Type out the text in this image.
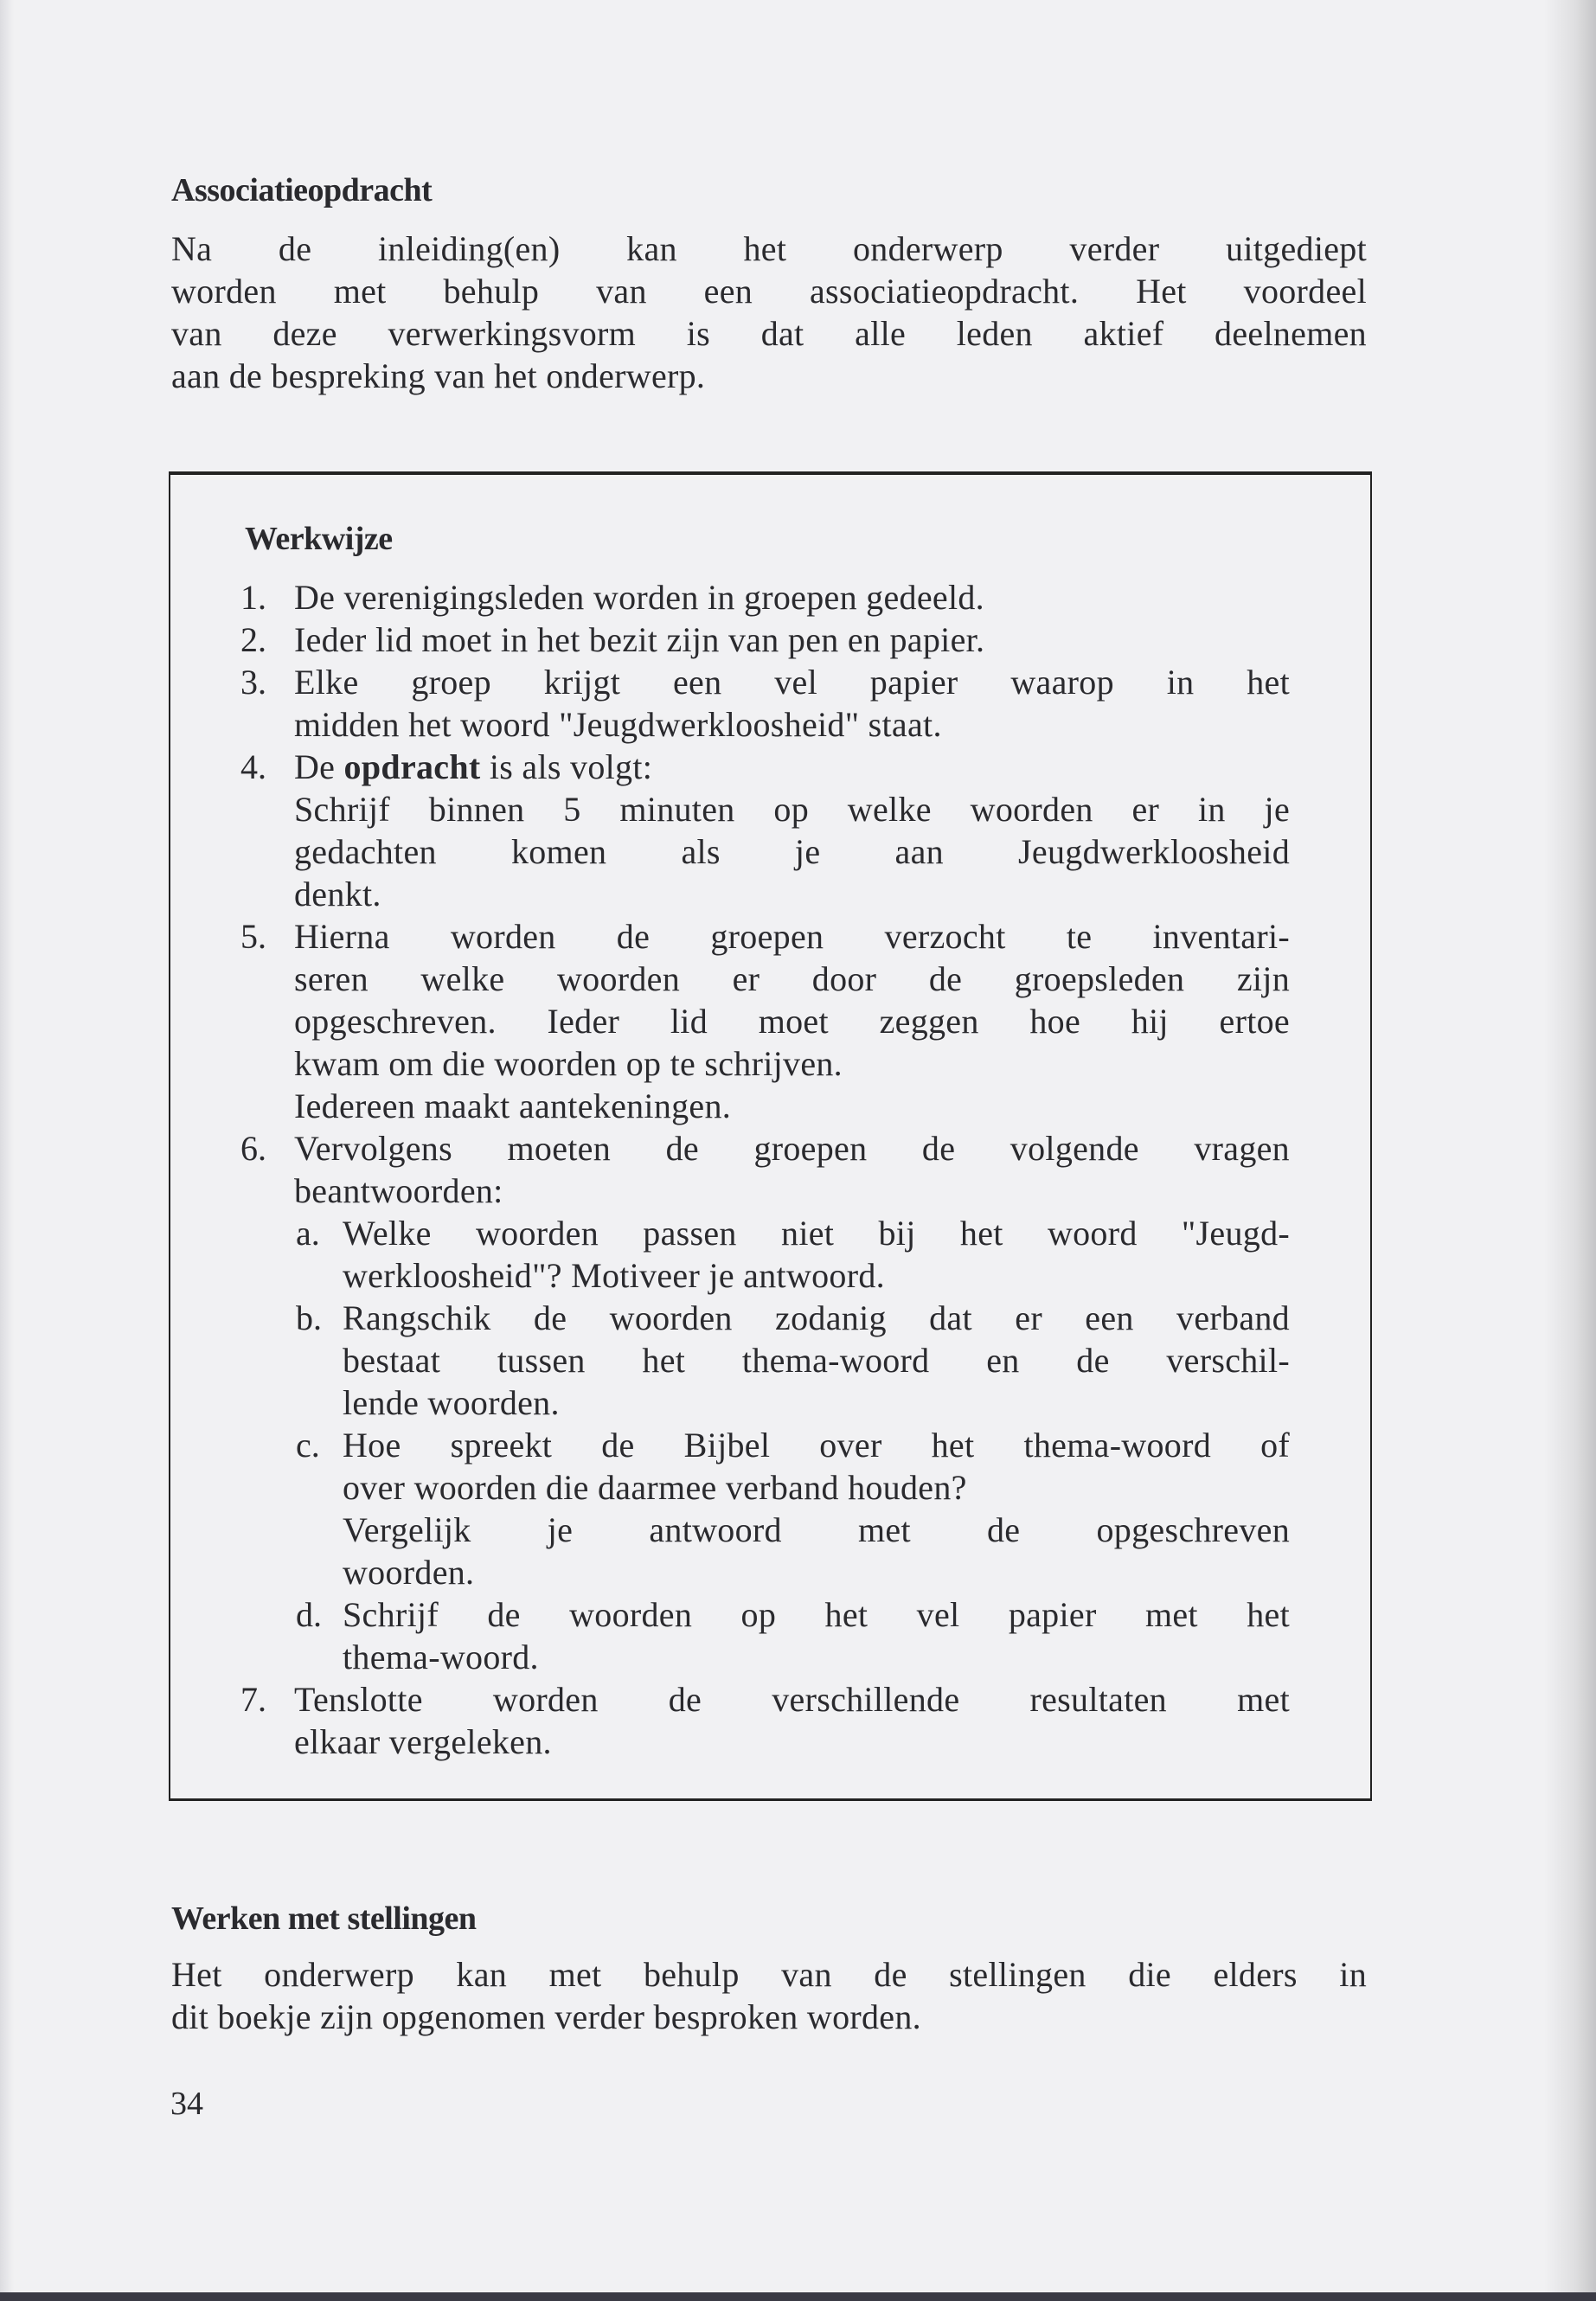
Associatieopdracht
Na de inleiding(en) kan het onderwerp verder uitgediept
worden met behulp van een associatieopdracht. Het voordeel
van deze verwerkingsvorm is dat alle leden aktief deelnemen
aan de bespreking van het onderwerp.
Werkwijze
1. De verenigingsleden worden in groepen gedeeld.
2. Ieder lid moet in het bezit zijn van pen en papier.
3. Elke groep krijgt een vel papier waarop in het
midden het woord "Jeugdwerkloosheid" staat.
4. De opdracht is als volgt:
Schrijf binnen 5 minuten op welke woorden er in je
gedachten komen als je aan Jeugdwerkloosheid
denkt.
5. Hierna worden de groepen verzocht te inventari-
seren welke woorden er door de groepsleden zijn
opgeschreven. Ieder lid moet zeggen hoe hij ertoe
kwam om die woorden op te schrijven.
Iedereen maakt aantekeningen.
6. Vervolgens moeten de groepen de volgende vragen
beantwoorden:
a. Welke woorden passen niet bij het woord "Jeugd-
werkloosheid"? Motiveer je antwoord.
b. Rangschik de woorden zodanig dat er een verband
bestaat tussen het thema-woord en de verschil-
lende woorden.
c. Hoe spreekt de Bijbel over het thema-woord of
over woorden die daarmee verband houden?
Vergelijk je antwoord met de opgeschreven
woorden.
d. Schrijf de woorden op het vel papier met het
thema-woord.
7. Tenslotte worden de verschillende resultaten met
elkaar vergeleken.
Werken met stellingen
Het onderwerp kan met behulp van de stellingen die elders in
dit boekje zijn opgenomen verder besproken worden.
34
